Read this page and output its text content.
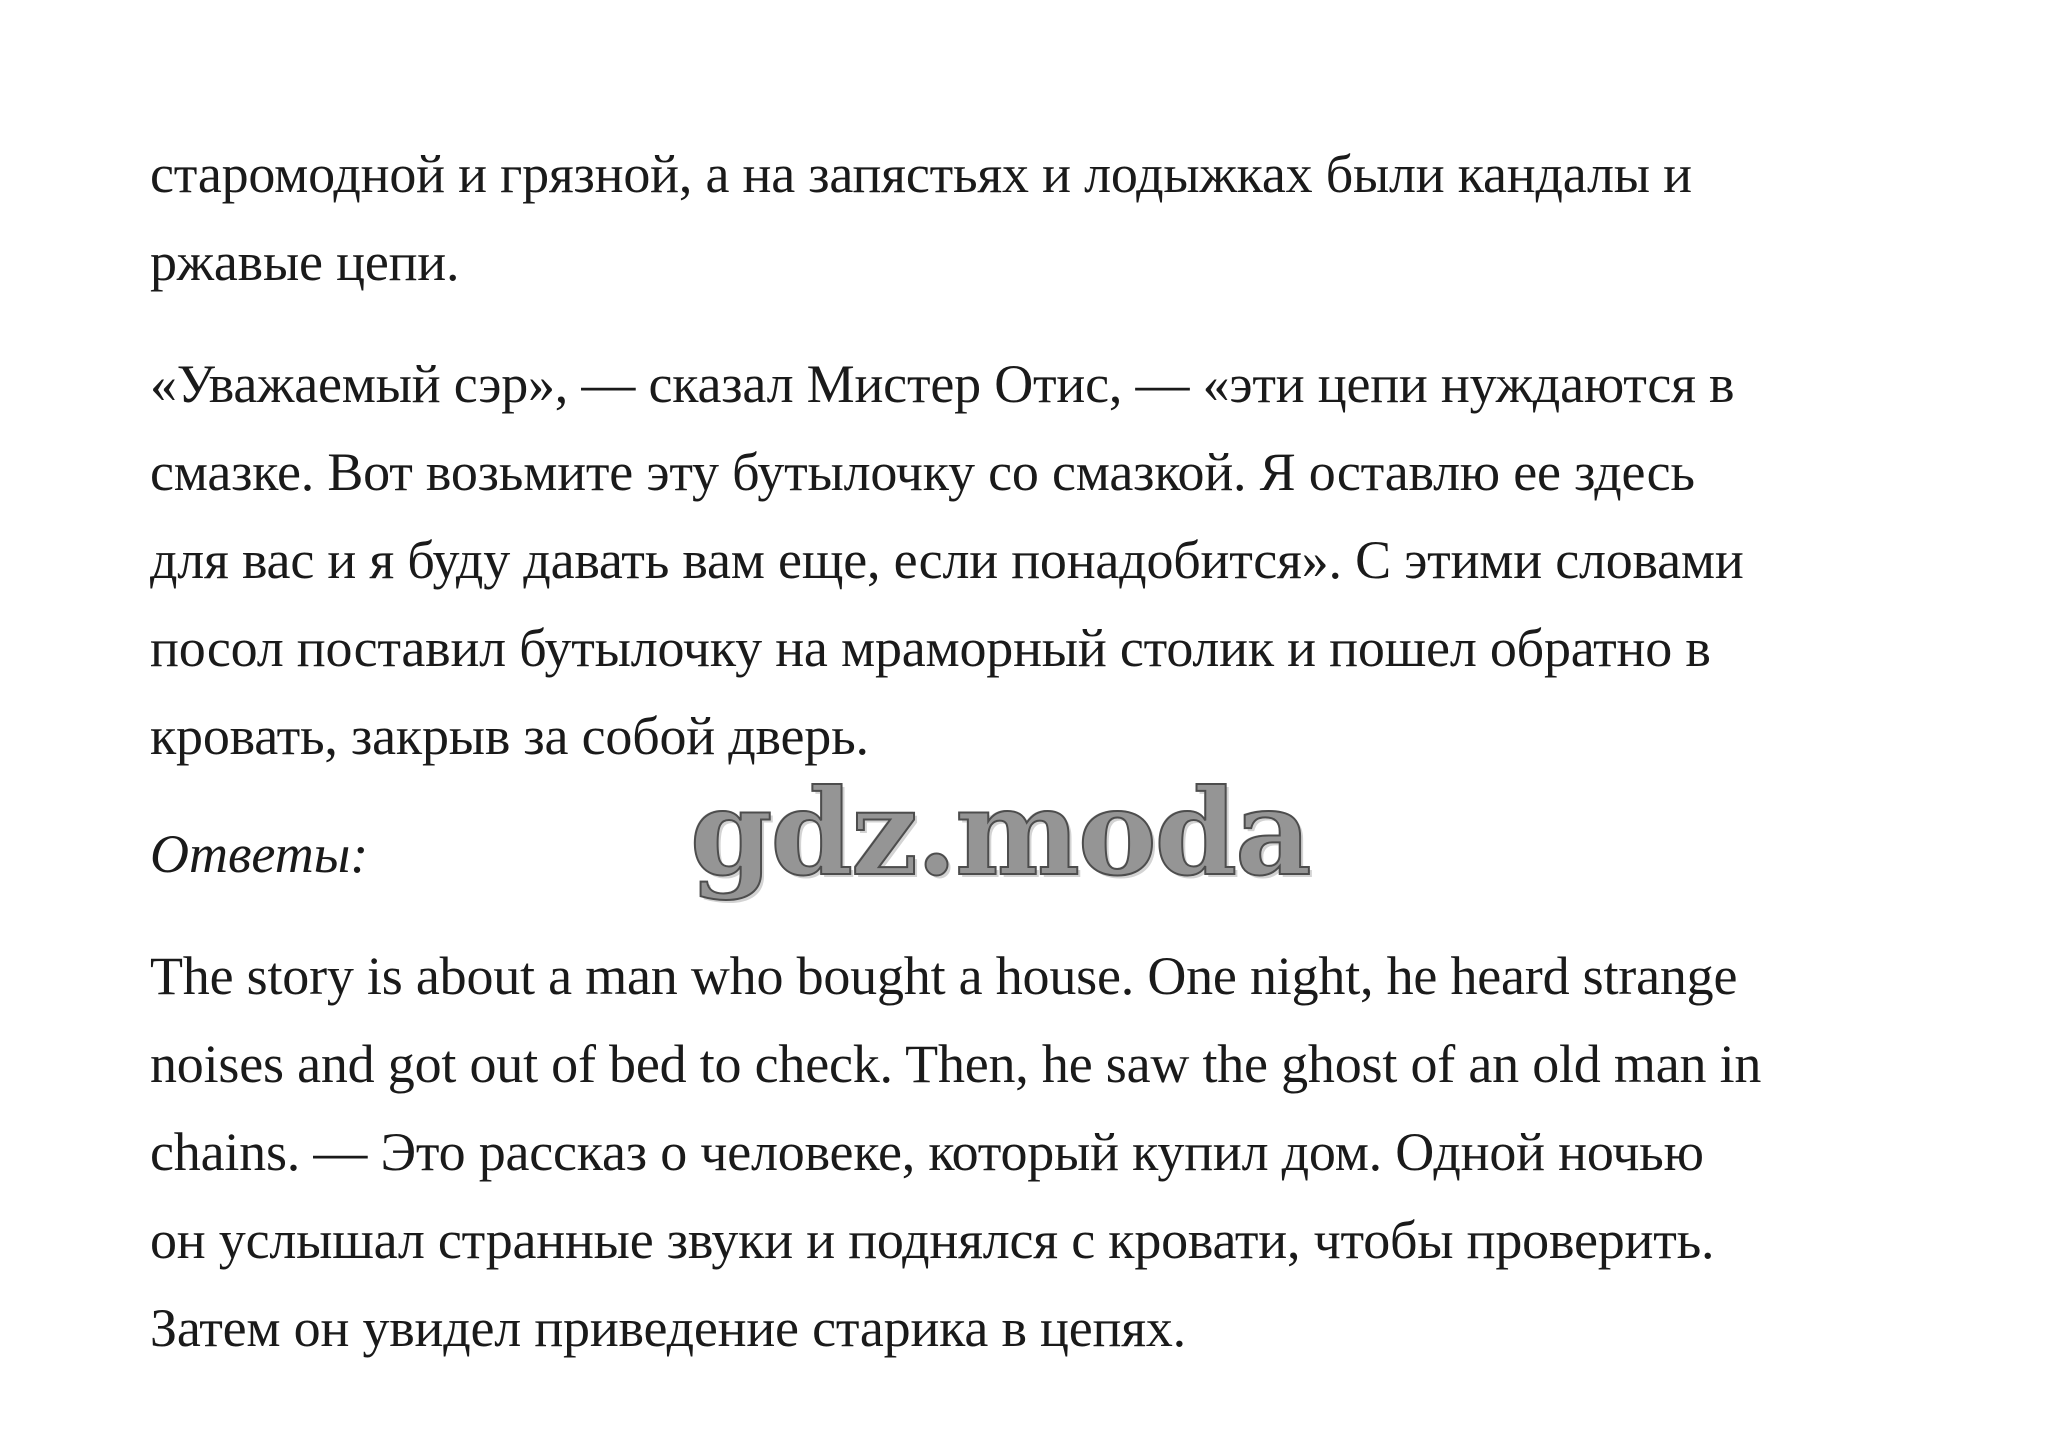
старомодной и грязной, а на запястьях и лодыжках были кандалы и
ржавые цепи.
«Уважаемый сэр», — сказал Мистер Отис, — «эти цепи нуждаются в
смазке. Вот возьмите эту бутылочку со смазкой. Я оставлю ее здесь
для вас и я буду давать вам еще, если понадобится». С этими словами
посол поставил бутылочку на мраморный столик и пошел обратно в
кровать, закрыв за собой дверь.
Ответы:
The story is about a man who bought a house. One night, he heard strange
noises and got out of bed to check. Then, he saw the ghost of an old man in
chains. — Это рассказ о человеке, который купил дом. Одной ночью
он услышал странные звуки и поднялся с кровати, чтобы проверить.
Затем он увидел приведение старика в цепях.
gdz.moda
